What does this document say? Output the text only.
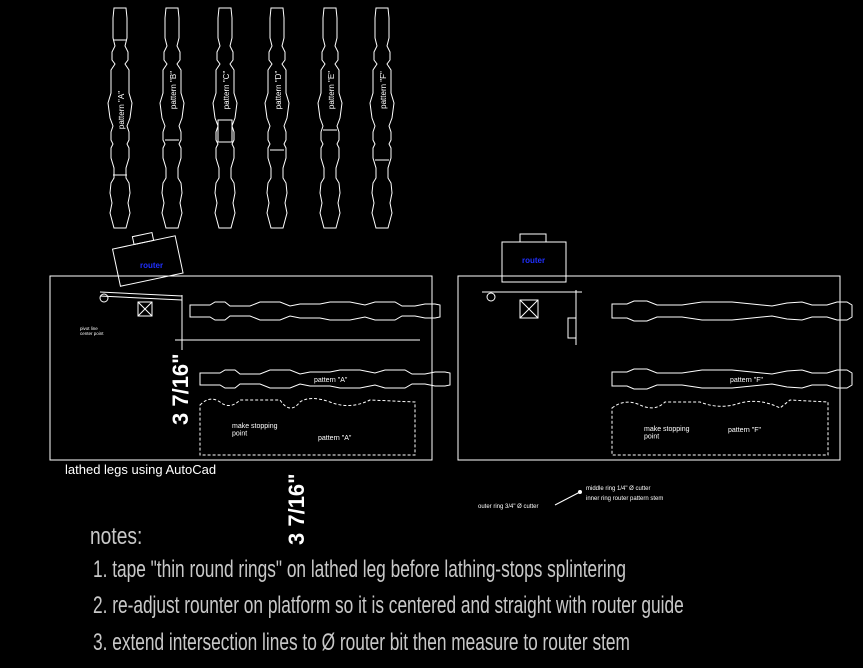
pattern "A"
pattern "B"	pattern "C"	pattern "D"	pattern "E"	pattern "F"
router
pivot line center point
pattern "A"
make stopping point
pattern "A"
3 7/16"
lathed legs using AutoCad
router
pattern "F"
make stopping point
pattern "F"
3 7/16"	middle ring 1/4" Ø cutter
inner ring router pattern stem
outer ring 3/4" Ø cutter
notes:
1. tape "thin round rings" on lathed leg before lathing-stops splintering
2. re-adjust rounter on platform so it is centered and straight with router guide
3. extend intersection lines to Ø router bit then measure to router stem
